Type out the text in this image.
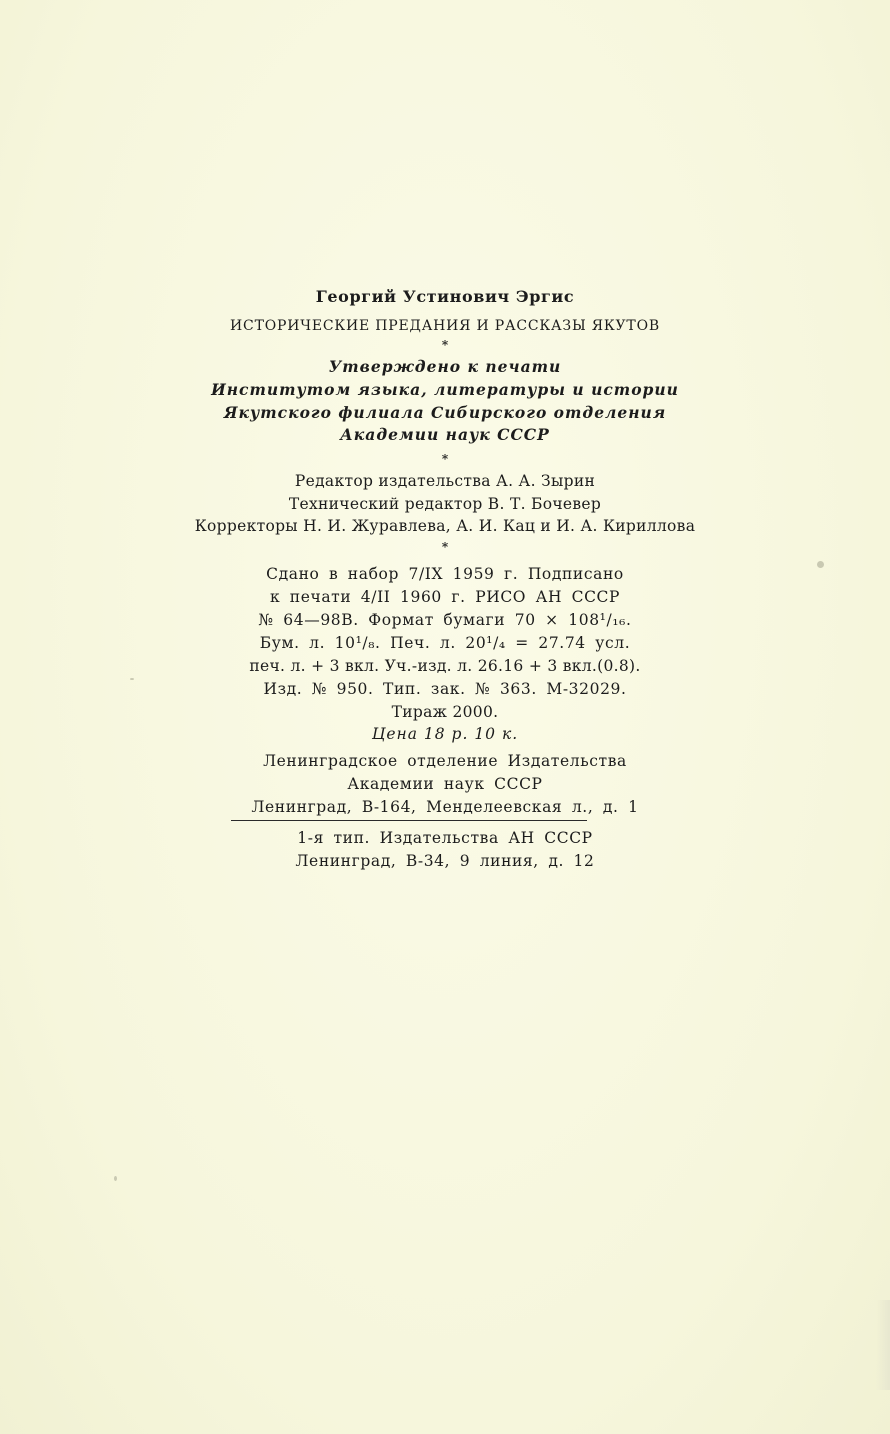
Георгий Устинович Эргис
ИСТОРИЧЕСКИЕ ПРЕДАНИЯ И РАССКАЗЫ ЯКУТОВ
*
Утверждено к печати
Институтом языка, литературы и истории
Якутского филиала Сибирского отделения
Академии наук СССР
*
Редактор издательства А. А. Зырин
Технический редактор В. Т. Бочевер
Корректоры Н. И. Журавлева, А. И. Кац и И. А. Кириллова
*
Сдано в набор 7/IX 1959 г. Подписано
к печати 4/II 1960 г. РИСО АН СССР
№ 64—98В. Формат бумаги 70 × 108¹/₁₆.
Бум. л. 10¹/₈. Печ. л. 20¹/₄ = 27.74 усл.
печ. л. + 3 вкл. Уч.-изд. л. 26.16 + 3 вкл.(0.8).
Изд. № 950. Тип. зак. № 363. М-32029.
Тираж 2000.
Цена 18 р. 10 к.
Ленинградское отделение Издательства
Академии наук СССР
Ленинград, В-164, Менделеевская л., д. 1
1-я тип. Издательства АН СССР
Ленинград, В-34, 9 линия, д. 12
